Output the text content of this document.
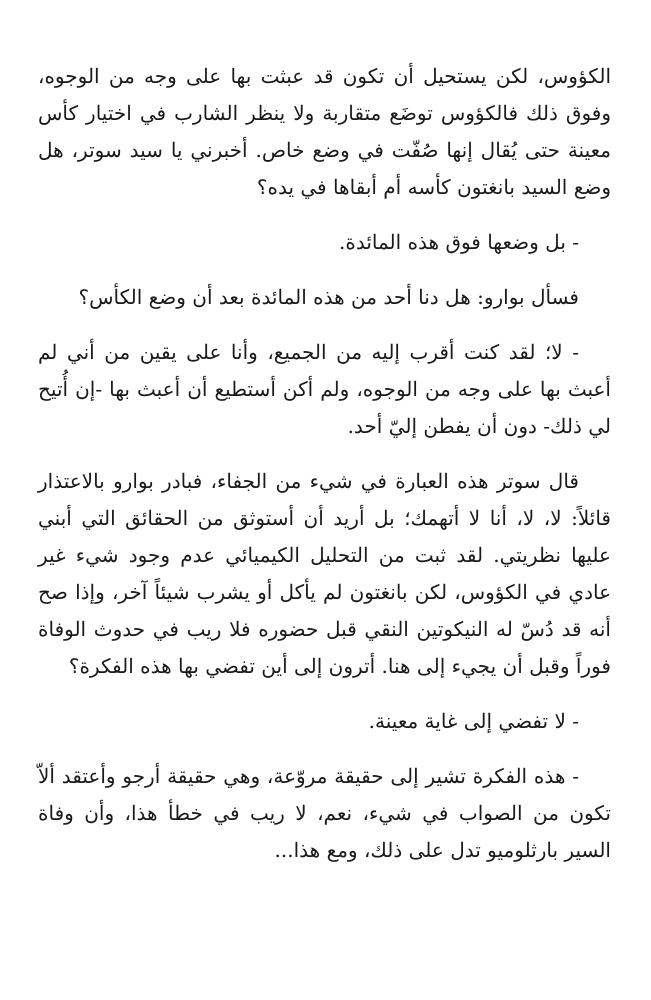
الكؤوس، لكن يستحيل أن تكون قد عبثت بها على وجه من الوجوه، وفوق ذلك فالكؤوس توضَع متقاربة ولا ينظر الشارب في اختيار كأس معينة حتى يُقال إنها صُفّت في وضع خاص. أخبرني يا سيد سوتر، هل وضع السيد بانغتون كأسه أم أبقاها في يده؟

- بل وضعها فوق هذه المائدة.

فسأل بوارو: هل دنا أحد من هذه المائدة بعد أن وضع الكأس؟

- لا؛ لقد كنت أقرب إليه من الجميع، وأنا على يقين من أني لم أعبث بها على وجه من الوجوه، ولم أكن أستطيع أن أعبث بها -إن أُتيح لي ذلك- دون أن يفطن إليّ أحد.

قال سوتر هذه العبارة في شيء من الجفاء، فبادر بوارو بالاعتذار قائلاً: لا، لا، أنا لا أتهمك؛ بل أريد أن أستوثق من الحقائق التي أبني عليها نظريتي. لقد ثبت من التحليل الكيميائي عدم وجود شيء غير عادي في الكؤوس، لكن بانغتون لم يأكل أو يشرب شيئاً آخر، وإذا صح أنه قد دُسّ له النيكوتين النقي قبل حضوره فلا ريب في حدوث الوفاة فوراً وقبل أن يجيء إلى هنا. أترون إلى أين تفضي بها هذه الفكرة؟

- لا تفضي إلى غاية معينة.

- هذه الفكرة تشير إلى حقيقة مروّعة، وهي حقيقة أرجو وأعتقد ألاّ تكون من الصواب في شيء، نعم، لا ريب في خطأ هذا، وأن وفاة السير بارثلوميو تدل على ذلك، ومع هذا...
